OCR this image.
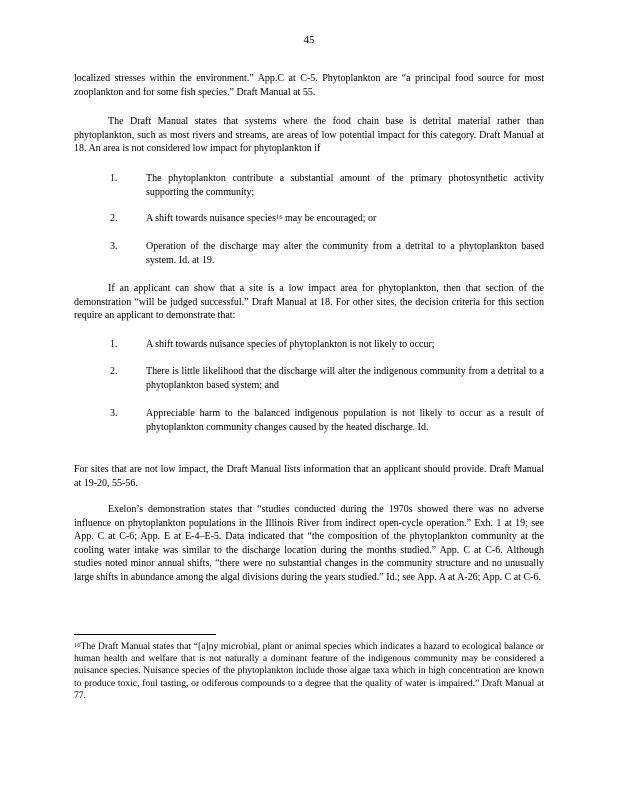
45

localized stresses within the environment.” App.C at C-5. Phytoplankton are “a principal food source for most zooplankton and for some fish species.” Draft Manual at 55.

The Draft Manual states that systems where the food chain base is detrital material rather than phytoplankton, such as most rivers and streams, are areas of low potential impact for this category. Draft Manual at 18. An area is not considered low impact for phytoplankton if

1.	The phytoplankton contribute a substantial amount of the primary photosynthetic activity supporting the community;

2.	A shift towards nuisance species$^{16}$ may be encouraged; or

3.	Operation of the discharge may alter the community from a detrital to a phytoplankton based system. Id. at 19.

If an applicant can show that a site is a low impact area for phytoplankton, then that section of the demonstration “will be judged successful.” Draft Manual at 18. For other sites, the decision criteria for this section require an applicant to demonstrate that:

1.	A shift towards nuisance species of phytoplankton is not likely to occur;

2.	There is little likelihood that the discharge will alter the indigenous community from a detrital to a phytoplankton based system; and

3.	Appreciable harm to the balanced indigenous population is not likely to occur as a result of phytoplankton community changes caused by the heated discharge. Id.

For sites that are not low impact, the Draft Manual lists information that an applicant should provide. Draft Manual at 19-20, 55-56.

Exelon’s demonstration states that “studies conducted during the 1970s showed there was no adverse influence on phytoplankton populations in the Illinois River from indirect open-cycle operation.” Exh. 1 at 19; see App. C at C-6; App. E at E-4–E-5. Data indicated that “the composition of the phytoplankton community at the cooling water intake was similar to the discharge location during the months studied.” App. C at C-6. Although studies noted minor annual shifts, “there were no substantial changes in the community structure and no unusually large shifts in abundance among the algal divisions during the years studied.” Id.; see App. A at A-26; App. C at C-6.

$^{16}$The Draft Manual states that “[a]ny microbial, plant or animal species which indicates a hazard to ecological balance or human health and welfare that is not naturally a dominant feature of the indigenous community may be considered a nuisance species. Nuisance species of the phytoplankton include those algae taxa which in high concentration are known to produce toxic, foul tasting, or odiferous compounds to a degree that the quality of water is impaired.” Draft Manual at 77.
